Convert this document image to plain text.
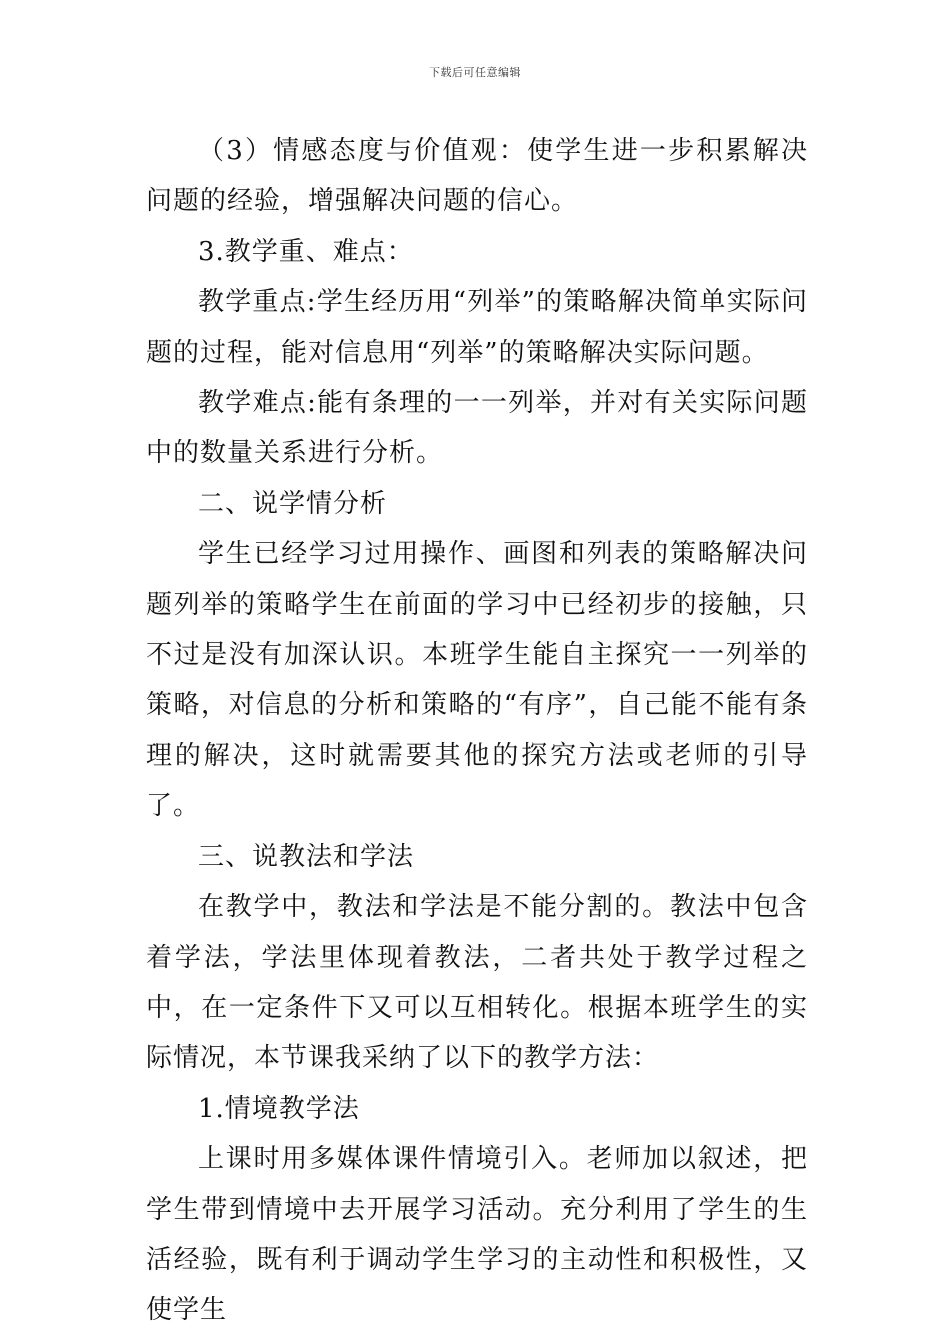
下载后可任意编辑

（3）情感态度与价值观：使学生进一步积累解决问题的经验，增强解决问题的信心。

3.教学重、难点：

教学重点:学生经历用“列举”的策略解决简单实际问题的过程，能对信息用“列举”的策略解决实际问题。

教学难点:能有条理的一一列举，并对有关实际问题中的数量关系进行分析。

二、说学情分析

学生已经学习过用操作、画图和列表的策略解决问题列举的策略学生在前面的学习中已经初步的接触，只不过是没有加深认识。本班学生能自主探究一一列举的策略，对信息的分析和策略的“有序”，自己能不能有条理的解决，这时就需要其他的探究方法或老师的引导了。

三、说教法和学法

在教学中，教法和学法是不能分割的。教法中包含着学法，学法里体现着教法，二者共处于教学过程之中，在一定条件下又可以互相转化。根据本班学生的实际情况，本节课我采纳了以下的教学方法：

1.情境教学法

上课时用多媒体课件情境引入。老师加以叙述，把学生带到情境中去开展学习活动。充分利用了学生的生活经验，既有利于调动学生学习的主动性和积极性，又使学生
